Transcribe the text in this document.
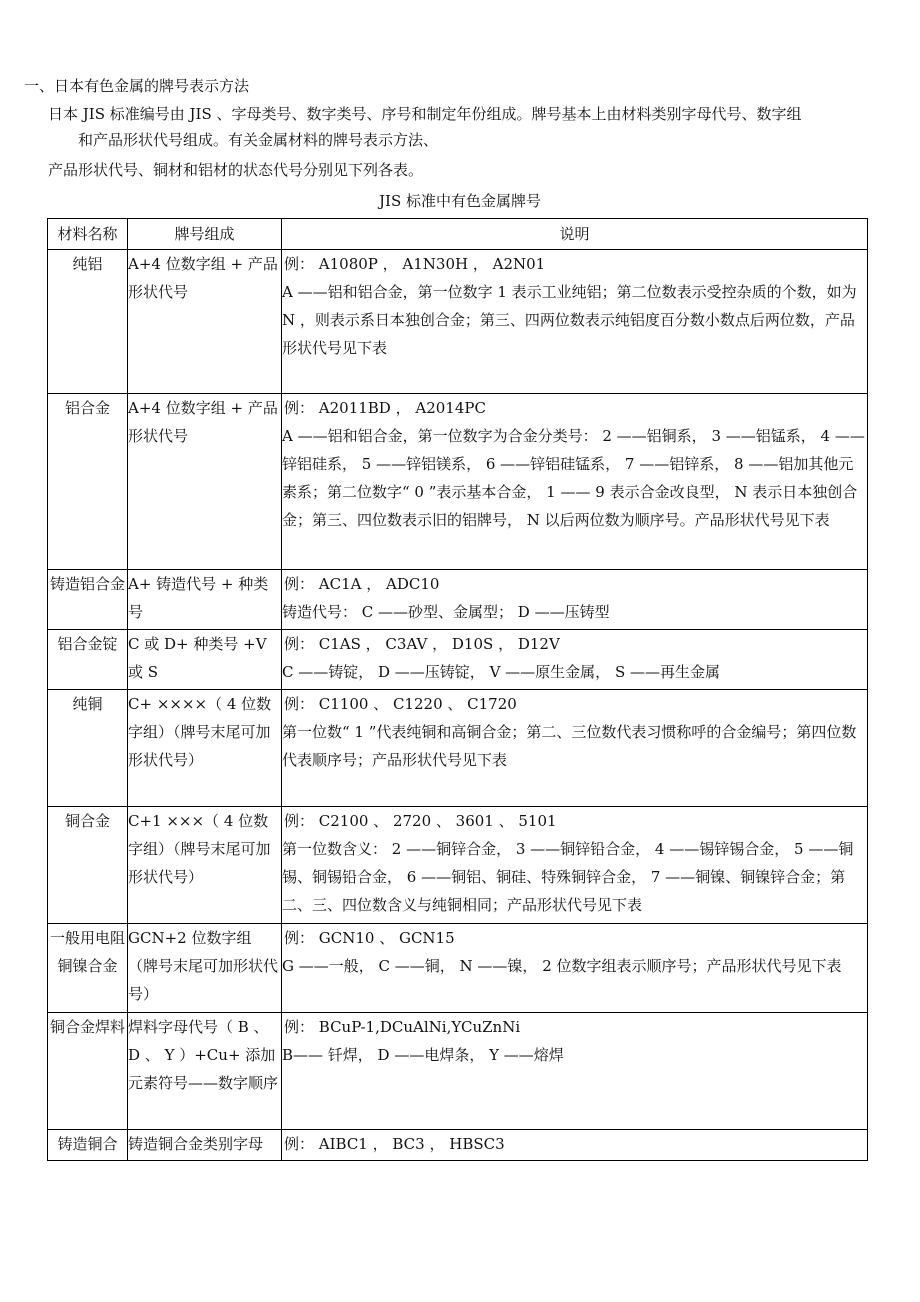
一、日本有色金属的牌号表示方法
日本 JIS 标准编号由 JIS 、字母类号、数字类号、序号和制定年份组成。牌号基本上由材料类别字母代号、数字组
和产品形状代号组成。有关金属材料的牌号表示方法、
产品形状代号、铜材和铝材的状态代号分别见下列各表。
JIS 标准中有色金属牌号
材料名称	牌号组成	说明
纯铝	A+4 位数字组 + 产品形状代号	例： A1080P ， A1N30H ， A2N01
A ——铝和铝合金，第一位数字 1 表示工业纯铝；第二位数表示受控杂质的个数，如为 N ，则表示系日本独创合金；第三、四两位数表示纯铝度百分数小数点后两位数，产品形状代号见下表

铝合金	A+4 位数字组 + 产品形状代号	例： A2011BD ， A2014PC
A ——铝和铝合金，第一位数字为合金分类号： 2 ——铝铜系， 3 ——铝锰系， 4 ——锌铝硅系， 5 ——锌铝镁系， 6 ——锌铝硅锰系， 7 ——铝锌系， 8 ——铝加其他元素系；第二位数字“ 0 ”表示基本合金， 1 —— 9 表示合金改良型， N 表示日本独创合金；第三、四位数表示旧的铝牌号， N 以后两位数为顺序号。产品形状代号见下表

铸造铝合金	A+ 铸造代号 + 种类号	例： AC1A ， ADC10
铸造代号： C ——砂型、金属型； D ——压铸型

铝合金锭	C 或 D+ 种类号 +V 或 S	例： C1AS ， C3AV ， D10S ， D12V
C ——铸锭， D ——压铸锭， V ——原生金属， S ——再生金属

纯铜	C+ ××××（ 4 位数字组）（牌号末尾可加形状代号）	例： C1100 、 C1220 、 C1720
第一位数“ 1 ”代表纯铜和高铜合金；第二、三位数代表习惯称呼的合金编号；第四位数代表顺序号；产品形状代号见下表

铜合金	C+1 ×××（ 4 位数字组）（牌号末尾可加形状代号）	例： C2100 、 2720 、 3601 、 5101
第一位数含义： 2 ——铜锌合金， 3 ——铜锌铅合金， 4 ——锡锌锡合金， 5 ——铜锡、铜锡铅合金， 6 ——铜铝、铜硅、特殊铜锌合金， 7 ——铜镍、铜镍锌合金；第二、三、四位数含义与纯铜相同；产品形状代号见下表

一般用电阻铜镍合金	GCN+2 位数字组（牌号末尾可加形状代号）	例： GCN10 、 GCN15
G ——一般， C ——铜， N ——镍， 2 位数字组表示顺序号；产品形状代号见下表

铜合金焊料	焊料字母代号（ B 、 D 、 Y ）+Cu+ 添加元素符号——数字顺序	例： BCuP-1,DCuAlNi,YCuZnNi
B—— 钎焊， D ——电焊条， Y ——熔焊

铸造铜合	铸造铜合金类别字母	例： AIBC1 ， BC3 ， HBSC3
